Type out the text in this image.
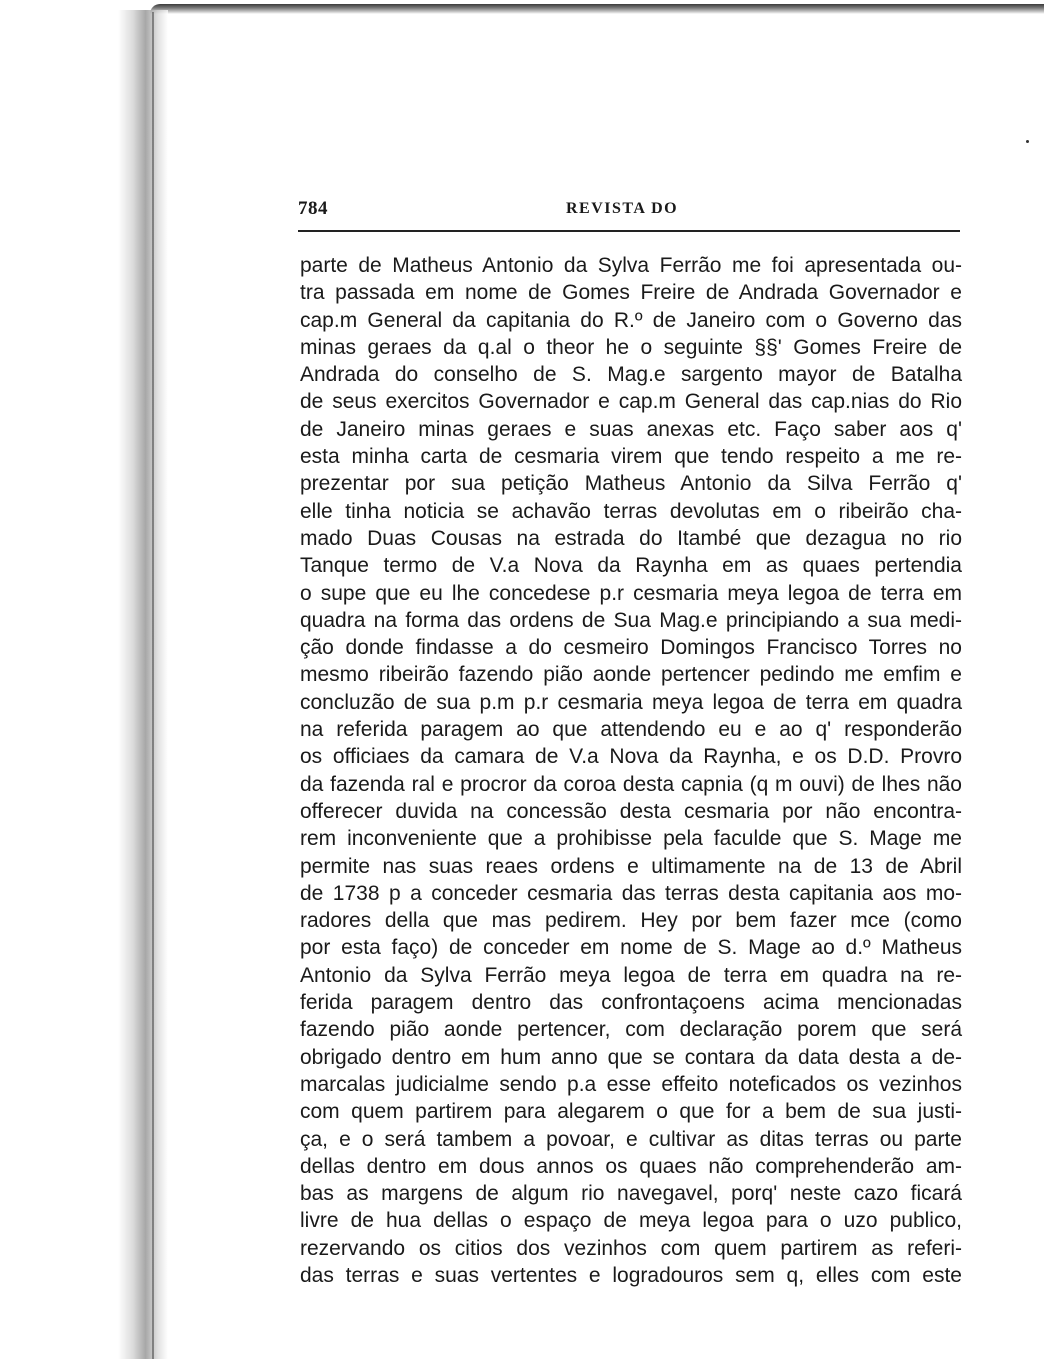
784	REVISTA DO
parte de Matheus Antonio da Sylva Ferrão me foi apresentada ou-
tra passada em nome de Gomes Freire de Andrada Governador e
cap.m General da capitania do R.º de Janeiro com o Governo das
minas geraes da q.al o theor he o seguinte §§' Gomes Freire de
Andrada do conselho de S. Mag.e sargento mayor de Batalha
de seus exercitos Governador e cap.m General das cap.nias do Rio
de Janeiro minas geraes e suas anexas etc. Faço saber aos q'
esta minha carta de cesmaria virem que tendo respeito a me re-
prezentar por sua petição Matheus Antonio da Silva Ferrão q'
elle tinha noticia se achavão terras devolutas em o ribeirão cha-
mado Duas Cousas na estrada do Itambé que dezagua no rio
Tanque termo de V.a Nova da Raynha em as quaes pertendia
o supe que eu lhe concedese p.r cesmaria meya legoa de terra em
quadra na forma das ordens de Sua Mag.e principiando a sua medi-
ção donde findasse a do cesmeiro Domingos Francisco Torres no
mesmo ribeirão fazendo pião aonde pertencer pedindo me emfim e
concluzão de sua p.m p.r cesmaria meya legoa de terra em quadra
na referida paragem ao que attendendo eu e ao q' responderão
os officiaes da camara de V.a Nova da Raynha, e os D.D. Provro
da fazenda ral e procror da coroa desta capnia (q m ouvi) de lhes não
offerecer duvida na concessão desta cesmaria por não encontra-
rem inconveniente que a prohibisse pela faculde que S. Mage me
permite nas suas reaes ordens e ultimamente na de 13 de Abril
de 1738 p a conceder cesmaria das terras desta capitania aos mo-
radores della que mas pedirem. Hey por bem fazer mce (como
por esta faço) de conceder em nome de S. Mage ao d.º Matheus
Antonio da Sylva Ferrão meya legoa de terra em quadra na re-
ferida paragem dentro das confrontaçoens acima mencionadas
fazendo pião aonde pertencer, com declaração porem que será
obrigado dentro em hum anno que se contara da data desta a de-
marcalas judicialme sendo p.a esse effeito noteficados os vezinhos
com quem partirem para alegarem o que for a bem de sua justi-
ça, e o será tambem a povoar, e cultivar as ditas terras ou parte
dellas dentro em dous annos os quaes não comprehenderão am-
bas as margens de algum rio navegavel, porq' neste cazo ficará
livre de hua dellas o espaço de meya legoa para o uzo publico,
rezervando os citios dos vezinhos com quem partirem as referi-
das terras e suas vertentes e logradouros sem q, elles com este
